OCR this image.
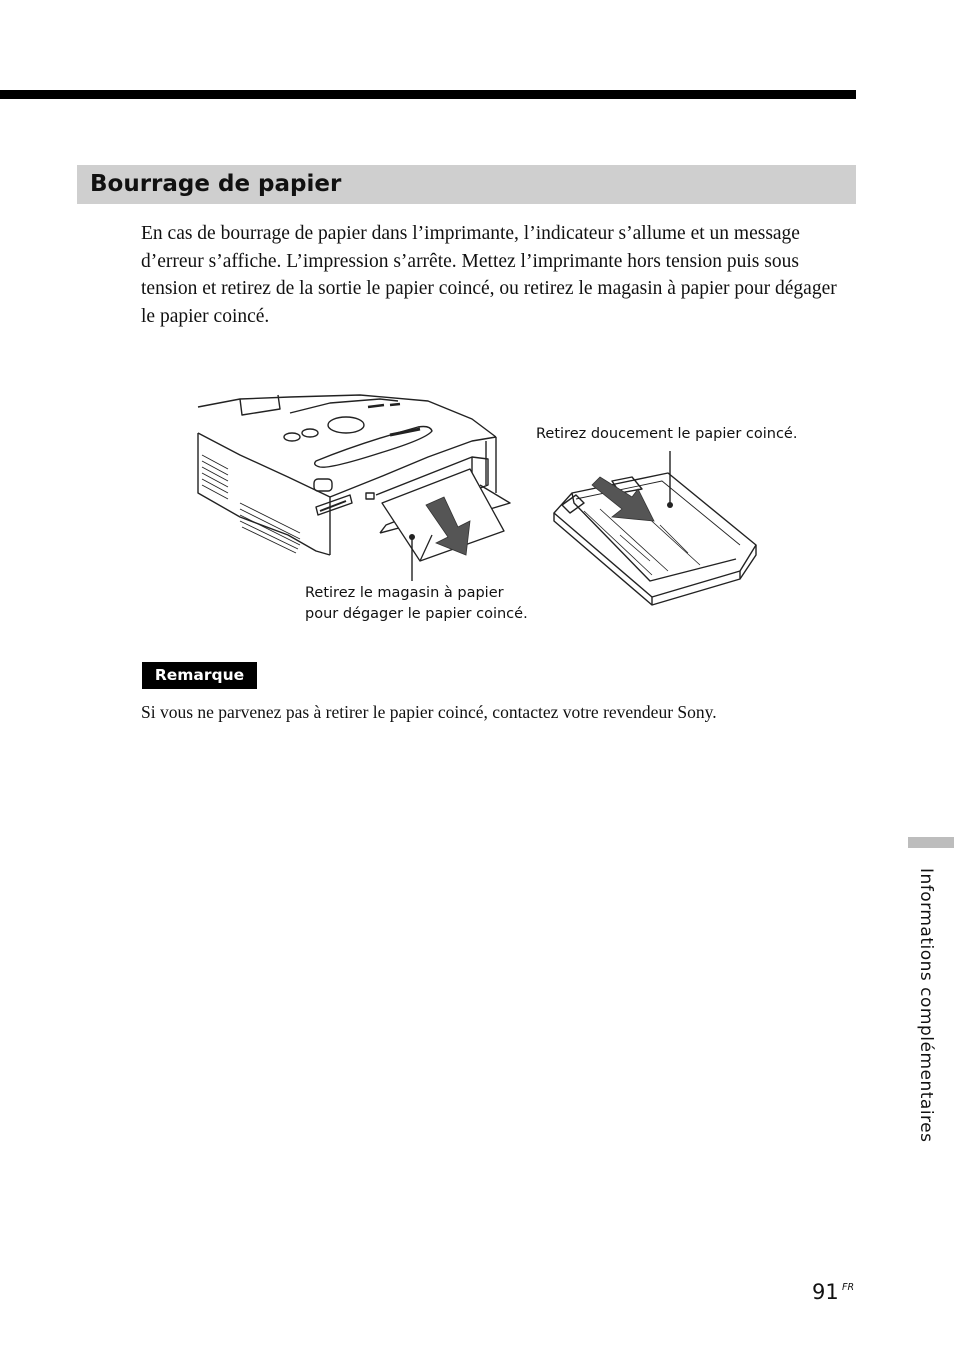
Bourrage de papier

En cas de bourrage de papier dans l’imprimante, l’indicateur s’allume et un message d’erreur s’affiche. L’impression s’arrête. Mettez l’imprimante hors tension puis sous tension et retirez de la sortie le papier coincé, ou retirez le magasin à papier pour dégager le papier coincé.

Retirez doucement le papier coincé.

Retirez le magasin à papier
pour dégager le papier coincé.

Remarque

Si vous ne parvenez pas à retirer le papier coincé, contactez votre revendeur Sony.

Informations complémentaires
91 FR
